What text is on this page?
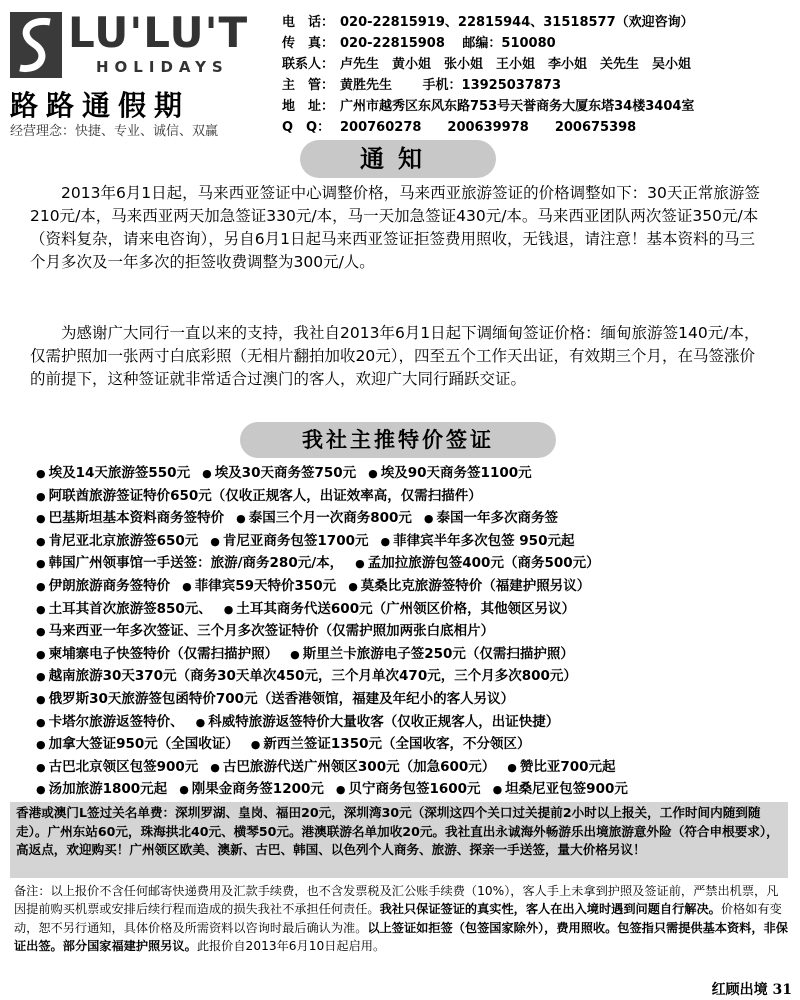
LU'LU'T
HOLIDAYS
路路通假期
经营理念：快捷、专业、诚信、双赢
电　话： 020-22815919、22815944、31518577（欢迎咨询）
传　真： 020-22815908　 邮编：510080
联系人： 卢先生　黄小姐　张小姐　王小姐　李小姐　关先生　吴小姐
主　管： 黄胜先生　　 手机：13925037873
地　址： 广州市越秀区东风东路753号天誉商务大厦东塔34楼3404室
Q　Q： 200760278　　200639978　　200675398
通知
2013年6月1日起，马来西亚签证中心调整价格，马来西亚旅游签证的价格调整如下：30天正常旅游签210元/本，马来西亚两天加急签证330元/本，马一天加急签证430元/本。马来西亚团队两次签证350元/本（资料复杂，请来电咨询），另自6月1日起马来西亚签证拒签费用照收，无钱退，请注意！基本资料的马三个月多次及一年多次的拒签收费调整为300元/人。
为感谢广大同行一直以来的支持，我社自2013年6月1日起下调缅甸签证价格：缅甸旅游签140元/本，仅需护照加一张两寸白底彩照（无相片翻拍加收20元），四至五个工作天出证，有效期三个月，在马签涨价的前提下，这种签证就非常适合过澳门的客人，欢迎广大同行踊跃交证。
我社主推特价签证
● 埃及14天旅游签550元 ● 埃及30天商务签750元 ● 埃及90天商务签1100元
● 阿联酋旅游签证特价650元（仅收正规客人，出证效率高，仅需扫描件）
● 巴基斯坦基本资料商务签特价 ● 泰国三个月一次商务800元 ● 泰国一年多次商务签
● 肯尼亚北京旅游签650元 ● 肯尼亚商务包签1700元 ● 菲律宾半年多次包签 950元起
● 韩国广州领事馆一手送签：旅游/商务280元/本， ● 孟加拉旅游包签400元（商务500元）
● 伊朗旅游商务签特价 ● 菲律宾59天特价350元 ● 莫桑比克旅游签特价（福建护照另议）
● 土耳其首次旅游签850元、 ● 土耳其商务代送600元（广州领区价格，其他领区另议）
● 马来西亚一年多次签证、三个月多次签证特价（仅需护照加两张白底相片）
● 柬埔寨电子快签特价（仅需扫描护照） ● 斯里兰卡旅游电子签250元（仅需扫描护照）
● 越南旅游30天370元（商务30天单次450元，三个月单次470元，三个月多次800元）
● 俄罗斯30天旅游签包函特价700元（送香港领馆，福建及年纪小的客人另议）
● 卡塔尔旅游返签特价、 ● 科威特旅游返签特价大量收客（仅收正规客人，出证快捷）
● 加拿大签证950元（全国收证） ● 新西兰签证1350元（全国收客，不分领区）
● 古巴北京领区包签900元 ● 古巴旅游代送广州领区300元（加急600元） ● 赞比亚700元起
● 汤加旅游1800元起 ● 刚果金商务签1200元 ● 贝宁商务包签1600元 ● 坦桑尼亚包签900元
香港或澳门L签过关名单费：深圳罗湖、皇岗、福田20元，深圳湾30元（深圳这四个关口过关提前2小时以上报关，工作时间内随到随走）。广州东站60元，珠海拱北40元、横琴50元。港澳联游名单加收20元。我社直出永诚海外畅游乐出境旅游意外险（符合申根要求），高返点，欢迎购买！广州领区欧美、澳新、古巴、韩国、以色列个人商务、旅游、探亲一手送签，量大价格另议！
备注：以上报价不含任何邮寄快递费用及汇款手续费，也不含发票税及汇公账手续费（10%），客人手上未拿到护照及签证前，严禁出机票，凡因提前购买机票或安排后续行程而造成的损失我社不承担任何责任。我社只保证签证的真实性，客人在出入境时遇到问题自行解决。价格如有变动，恕不另行通知，具体价格及所需资料以咨询时最后确认为准。以上签证如拒签（包签国家除外），费用照收。包签指只需提供基本资料，非保证出签。部分国家福建护照另议。此报价自2013年6月10日起启用。
红顾出境 31
